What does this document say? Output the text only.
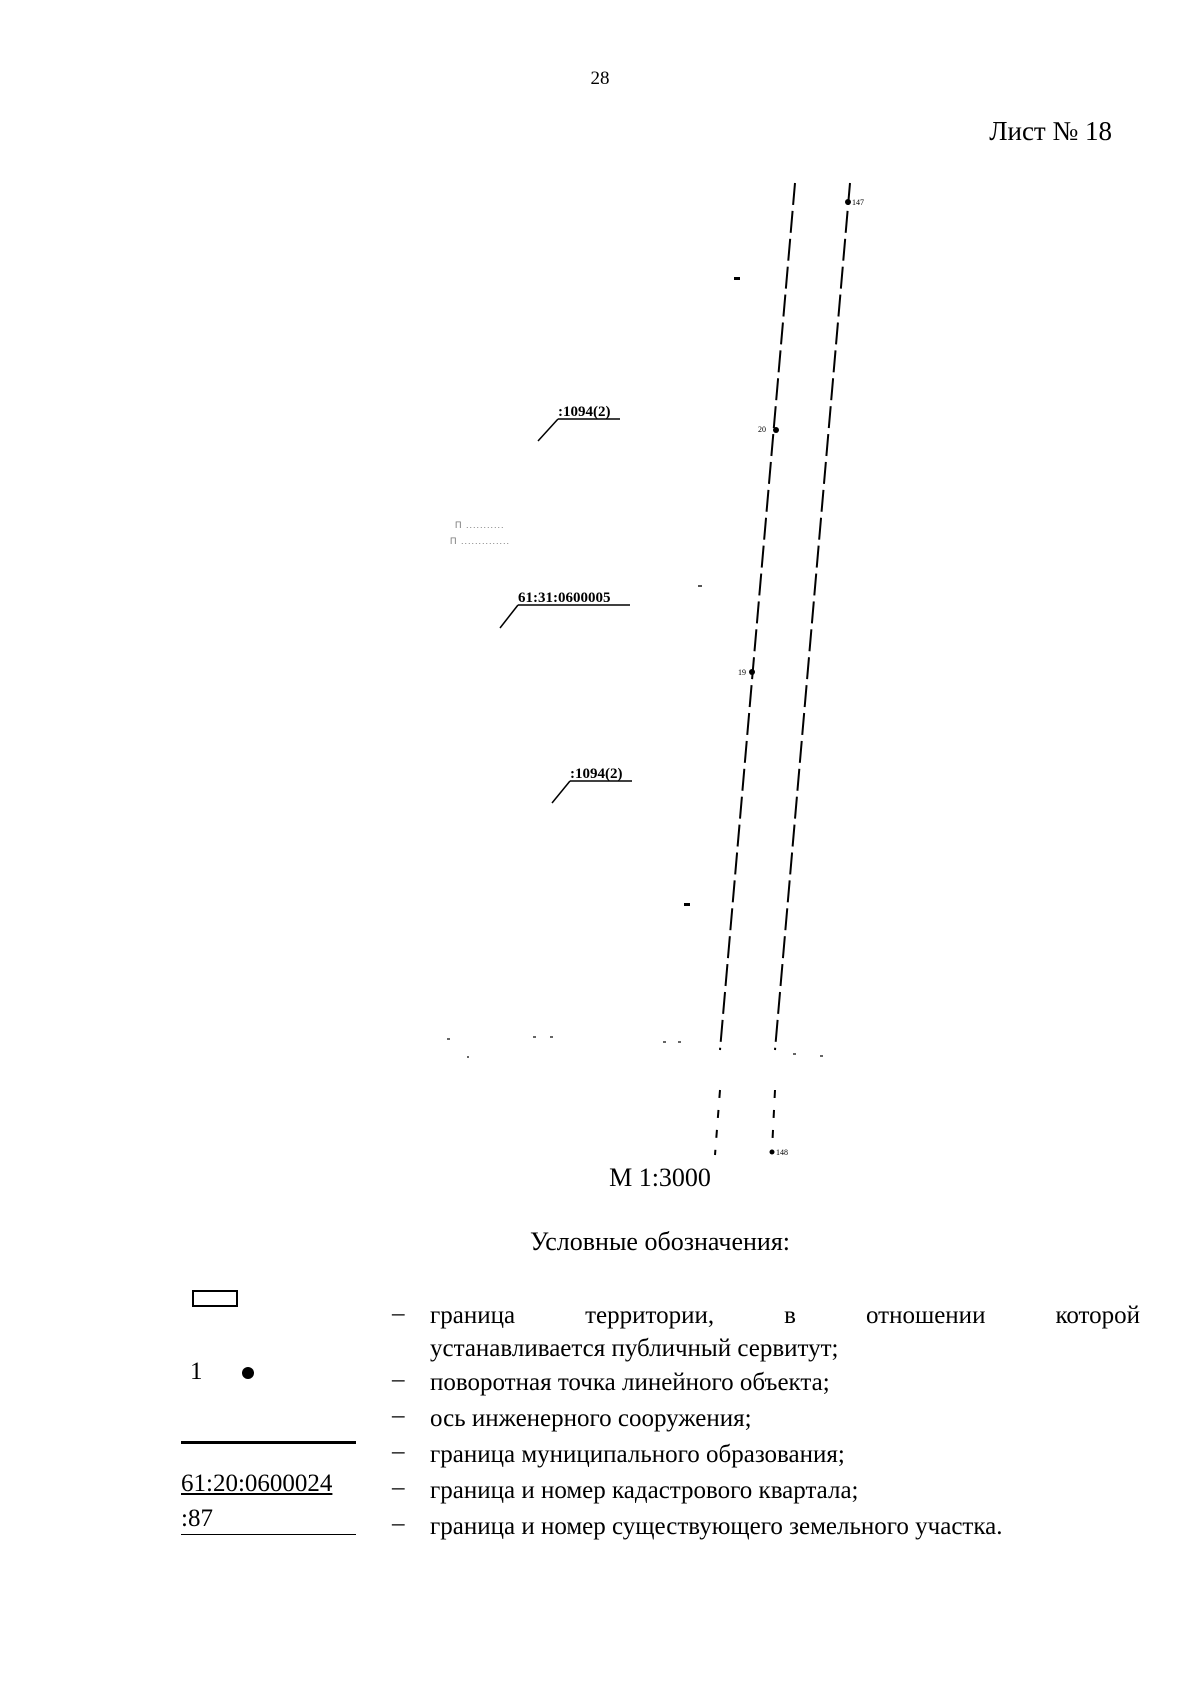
28
Лист № 18
147
20
19
148
:1094(2)
П ...........
П ..............
61:31:0600005
:1094(2)
М 1:3000
Условные обозначения:
1
61:20:0600024
:87
–
–
–
–
–
–
граница территории, в отношении которой
устанавливается публичный сервитут;
поворотная точка линейного объекта;
ось инженерного сооружения;
граница муниципального образования;
граница и номер кадастрового квартала;
граница и номер существующего земельного участка.
